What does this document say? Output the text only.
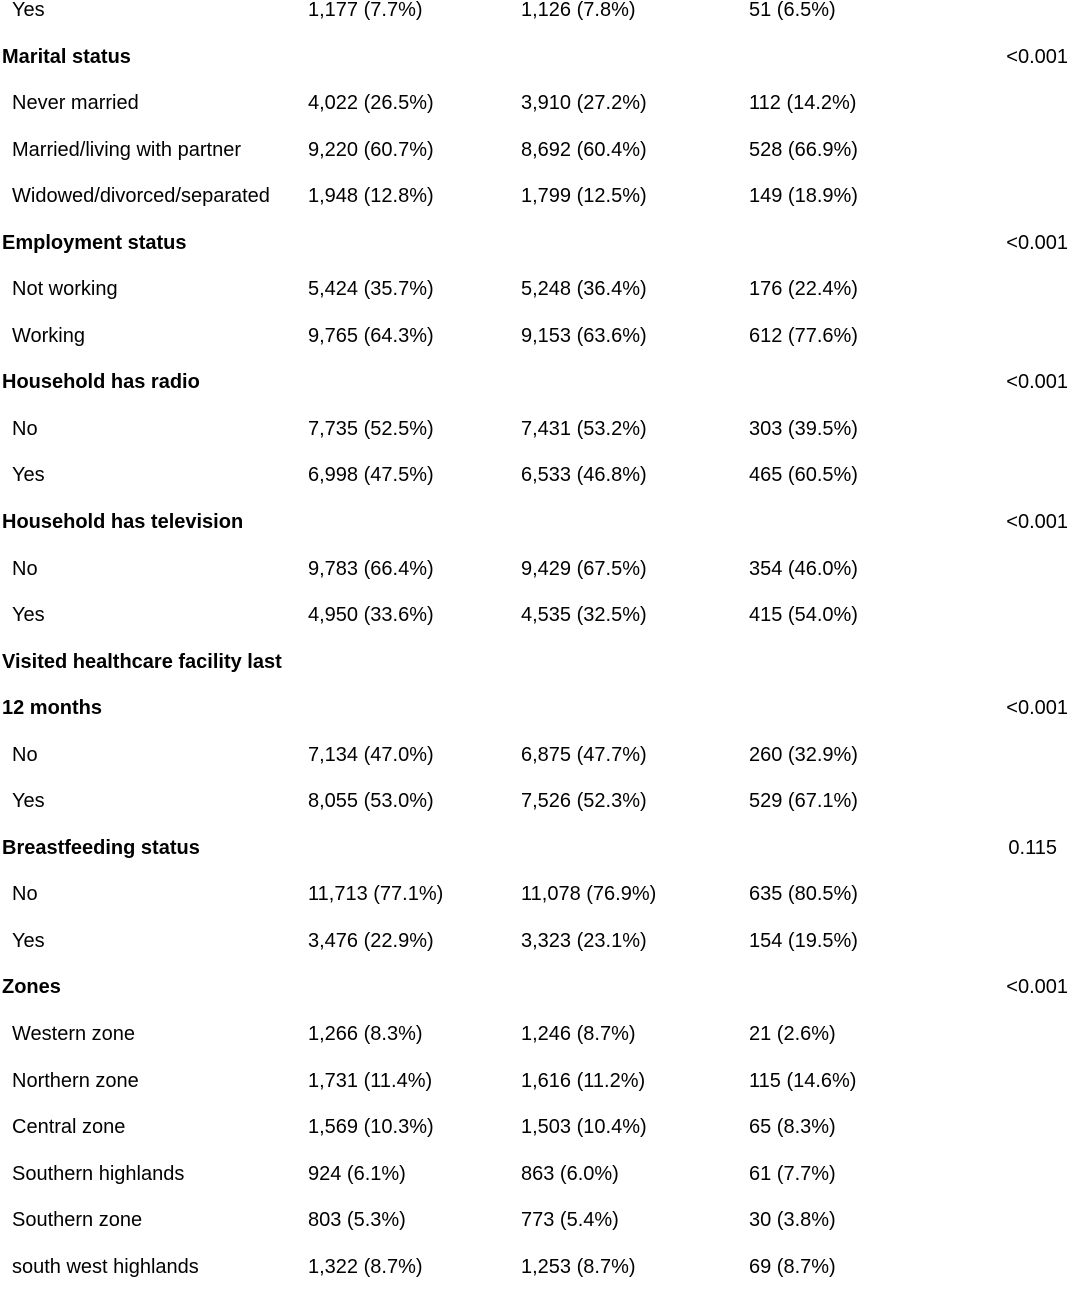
Yes	1,177 (7.7%)	1,126 (7.8%)	51 (6.5%)
Marital status	<0.001
Never married	4,022 (26.5%)	3,910 (27.2%)	112 (14.2%)
Married/living with partner	9,220 (60.7%)	8,692 (60.4%)	528 (66.9%)
Widowed/divorced/separated 1,948 (12.8%)	1,799 (12.5%)	149 (18.9%)
Employment status	<0.001
Not working	5,424 (35.7%)	5,248 (36.4%)	176 (22.4%)
Working	9,765 (64.3%)	9,153 (63.6%)	612 (77.6%)
Household has radio	<0.001
No	7,735 (52.5%)	7,431 (53.2%)	303 (39.5%)
Yes	6,998 (47.5%)	6,533 (46.8%)	465 (60.5%)
Household has television	<0.001
No	9,783 (66.4%)	9,429 (67.5%)	354 (46.0%)
Yes	4,950 (33.6%)	4,535 (32.5%)	415 (54.0%)
Visited healthcare facility last
12 months	<0.001
No	7,134 (47.0%)	6,875 (47.7%)	260 (32.9%)
Yes	8,055 (53.0%)	7,526 (52.3%)	529 (67.1%)
Breastfeeding status	0.115
No	11,713 (77.1%)	11,078 (76.9%)	635 (80.5%)
Yes	3,476 (22.9%)	3,323 (23.1%)	154 (19.5%)
Zones	<0.001
Western zone	1,266 (8.3%)	1,246 (8.7%)	21 (2.6%)
Northern zone	1,731 (11.4%)	1,616 (11.2%)	115 (14.6%)
Central zone	1,569 (10.3%)	1,503 (10.4%)	65 (8.3%)
Southern highlands	924 (6.1%)	863 (6.0%)	61 (7.7%)
Southern zone	803 (5.3%)	773 (5.4%)	30 (3.8%)
south west highlands	1,322 (8.7%)	1,253 (8.7%)	69 (8.7%)
